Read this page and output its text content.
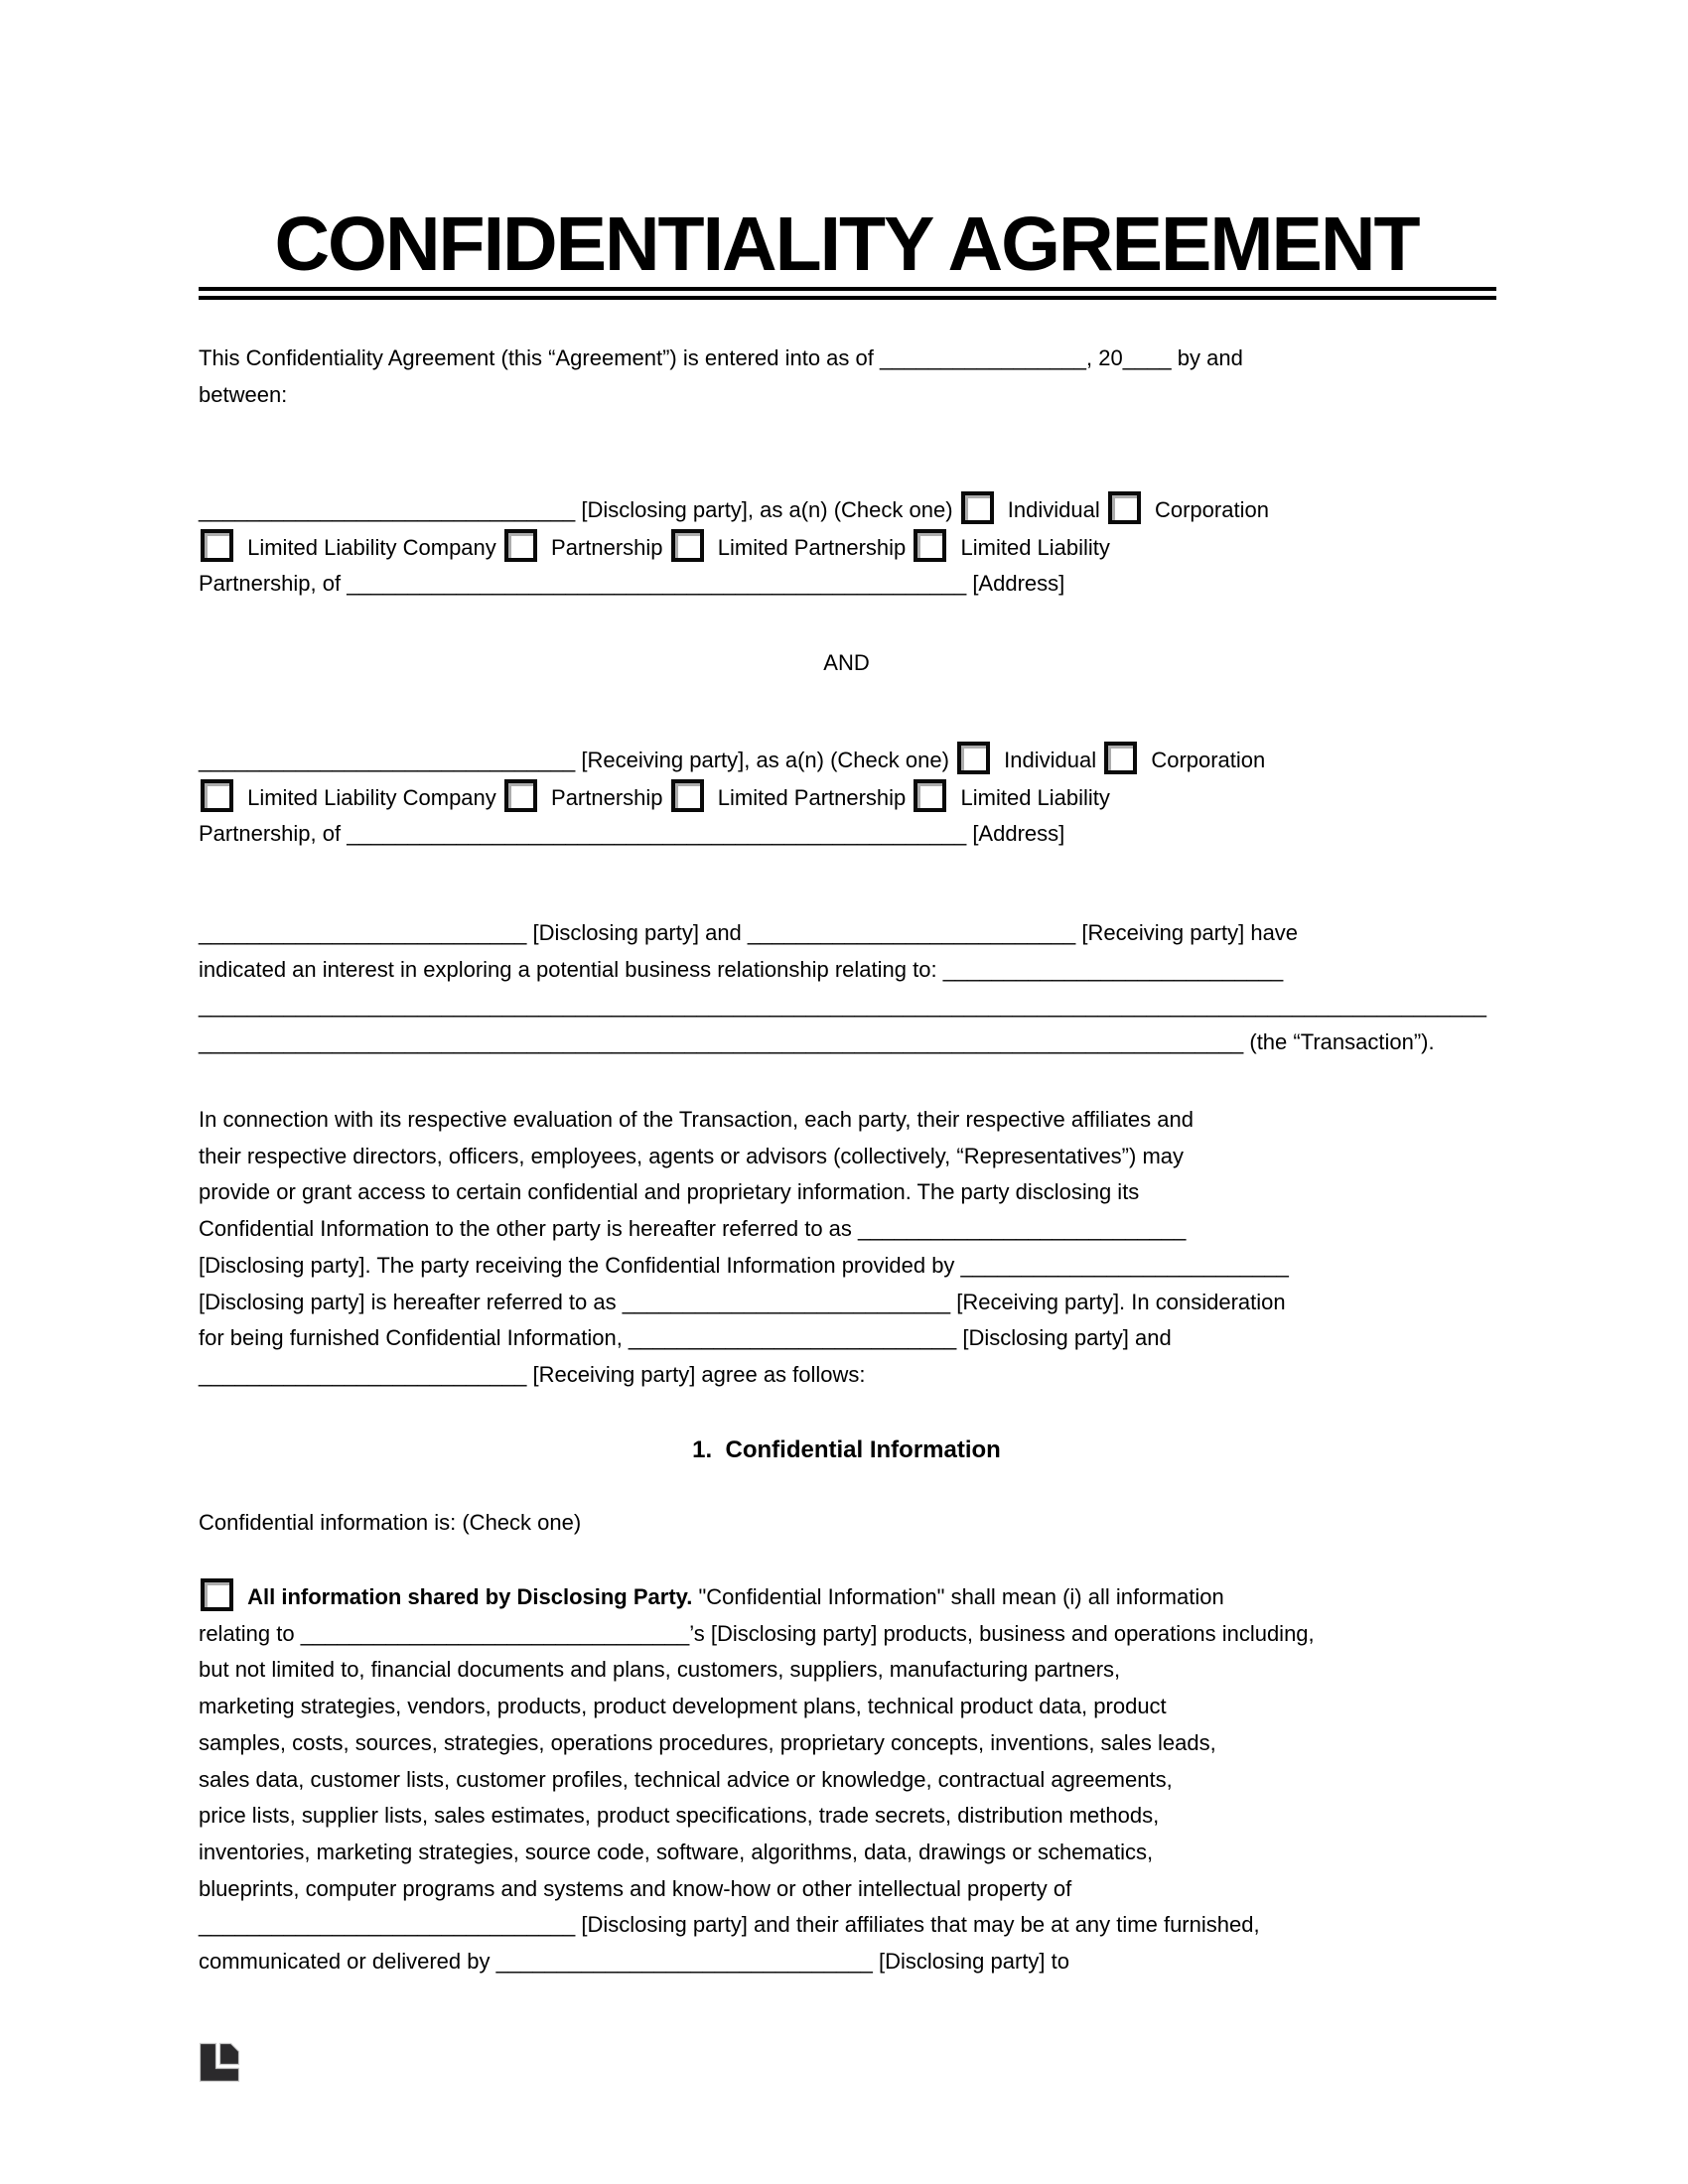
CONFIDENTIALITY AGREEMENT
This Confidentiality Agreement (this “Agreement”) is entered into as of _________________, 20____ by and
between:
_______________________________ [Disclosing party], as a(n) (Check one)  Individual  Corporation
Limited Liability Company  Partnership  Limited Partnership  Limited Liability
Partnership, of ___________________________________________________ [Address]
AND
_______________________________ [Receiving party], as a(n) (Check one)  Individual  Corporation
Limited Liability Company  Partnership  Limited Partnership  Limited Liability
Partnership, of ___________________________________________________ [Address]
___________________________ [Disclosing party] and ___________________________ [Receiving party] have
indicated an interest in exploring a potential business relationship relating to: ____________________________
__________________________________________________________________________________________________________
______________________________________________________________________________________ (the “Transaction”).
In connection with its respective evaluation of the Transaction, each party, their respective affiliates and
their respective directors, officers, employees, agents or advisors (collectively, “Representatives”) may
provide or grant access to certain confidential and proprietary information. The party disclosing its
Confidential Information to the other party is hereafter referred to as ___________________________
[Disclosing party]. The party receiving the Confidential Information provided by ___________________________
[Disclosing party] is hereafter referred to as ___________________________ [Receiving party]. In consideration
for being furnished Confidential Information, ___________________________ [Disclosing party] and
___________________________ [Receiving party] agree as follows:
1.  Confidential Information
Confidential information is: (Check one)
All information shared by Disclosing Party. "Confidential Information" shall mean (i) all information
relating to ________________________________’s [Disclosing party] products, business and operations including,
but not limited to, financial documents and plans, customers, suppliers, manufacturing partners,
marketing strategies, vendors, products, product development plans, technical product data, product
samples, costs, sources, strategies, operations procedures, proprietary concepts, inventions, sales leads,
sales data, customer lists, customer profiles, technical advice or knowledge, contractual agreements,
price lists, supplier lists, sales estimates, product specifications, trade secrets, distribution methods,
inventories, marketing strategies, source code, software, algorithms, data, drawings or schematics,
blueprints, computer programs and systems and know-how or other intellectual property of
_______________________________ [Disclosing party] and their affiliates that may be at any time furnished,
communicated or delivered by _______________________________ [Disclosing party] to
